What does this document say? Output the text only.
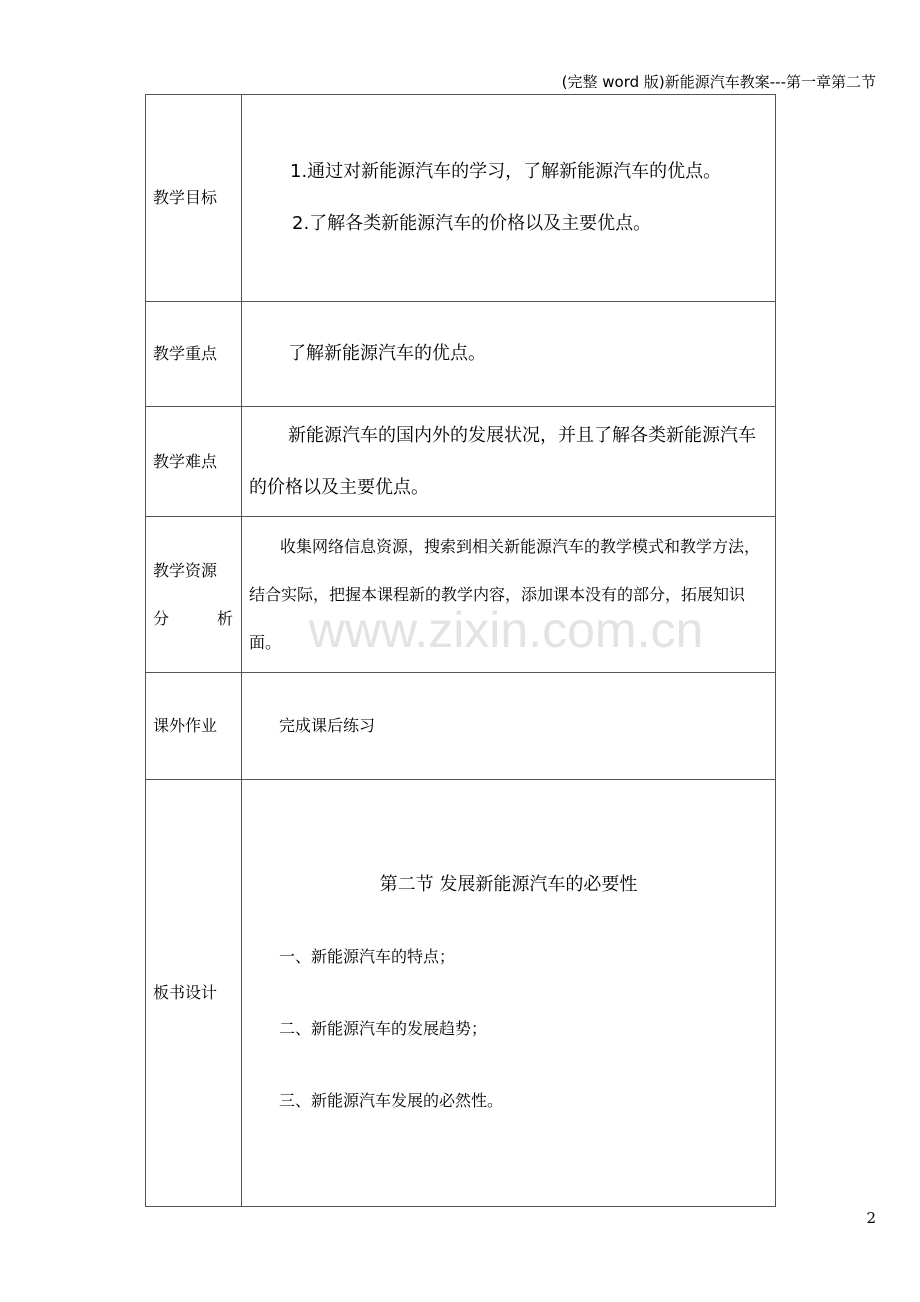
(完整 word 版)新能源汽车教案---第一章第二节
www.zixin.com.cn
教学目标	1.通过对新能源汽车的学习，了解新能源汽车的优点。

2.了解各类新能源汽车的价格以及主要优点。

教学重点	了解新能源汽车的优点。

教学难点	新能源汽车的国内外的发展状况，并且了解各类新能源汽车的价格以及主要优点。

教学资源
分 析	收集网络信息资源，搜索到相关新能源汽车的教学模式和教学方法，结合实际，把握本课程新的教学内容，添加课本没有的部分，拓展知识面。

课外作业	完成课后练习

板书设计	第二节 发展新能源汽车的必要性

一、新能源汽车的特点；

二、新能源汽车的发展趋势；

三、新能源汽车发展的必然性。

2
